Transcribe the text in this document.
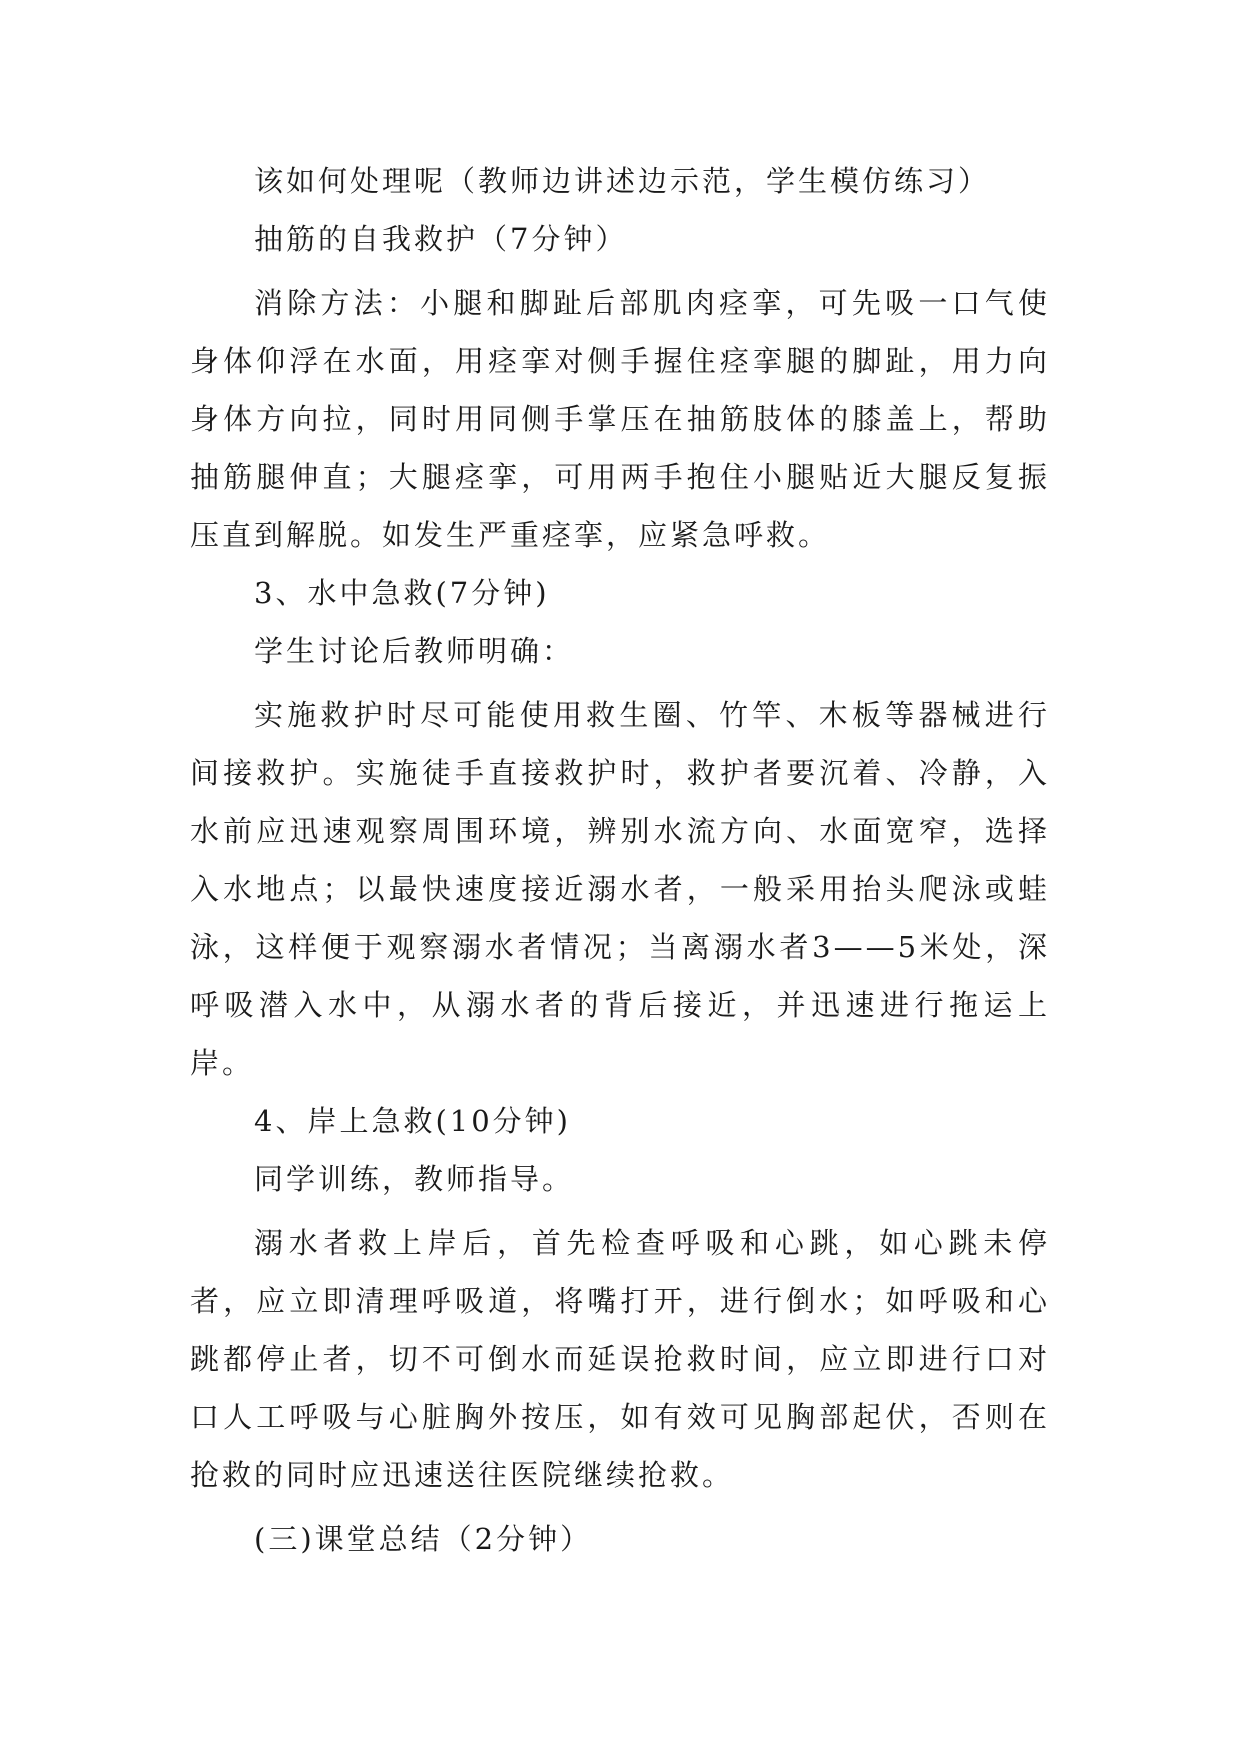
该如何处理呢（教师边讲述边示范，学生模仿练习）

抽筋的自我救护（7分钟）

消除方法：小腿和脚趾后部肌肉痉挛，可先吸一口气使身体仰浮在水面，用痉挛对侧手握住痉挛腿的脚趾，用力向身体方向拉，同时用同侧手掌压在抽筋肢体的膝盖上，帮助抽筋腿伸直；大腿痉挛，可用两手抱住小腿贴近大腿反复振压直到解脱。如发生严重痉挛，应紧急呼救。

3、水中急救(7分钟)

学生讨论后教师明确：

实施救护时尽可能使用救生圈、竹竿、木板等器械进行间接救护。实施徒手直接救护时，救护者要沉着、冷静，入水前应迅速观察周围环境，辨别水流方向、水面宽窄，选择入水地点；以最快速度接近溺水者，一般采用抬头爬泳或蛙泳，这样便于观察溺水者情况；当离溺水者3——5米处，深呼吸潜入水中，从溺水者的背后接近，并迅速进行拖运上岸。

4、岸上急救(10分钟)

同学训练，教师指导。

溺水者救上岸后，首先检查呼吸和心跳，如心跳未停者，应立即清理呼吸道，将嘴打开，进行倒水；如呼吸和心跳都停止者，切不可倒水而延误抢救时间，应立即进行口对口人工呼吸与心脏胸外按压，如有效可见胸部起伏，否则在抢救的同时应迅速送往医院继续抢救。

(三)课堂总结（2分钟）
